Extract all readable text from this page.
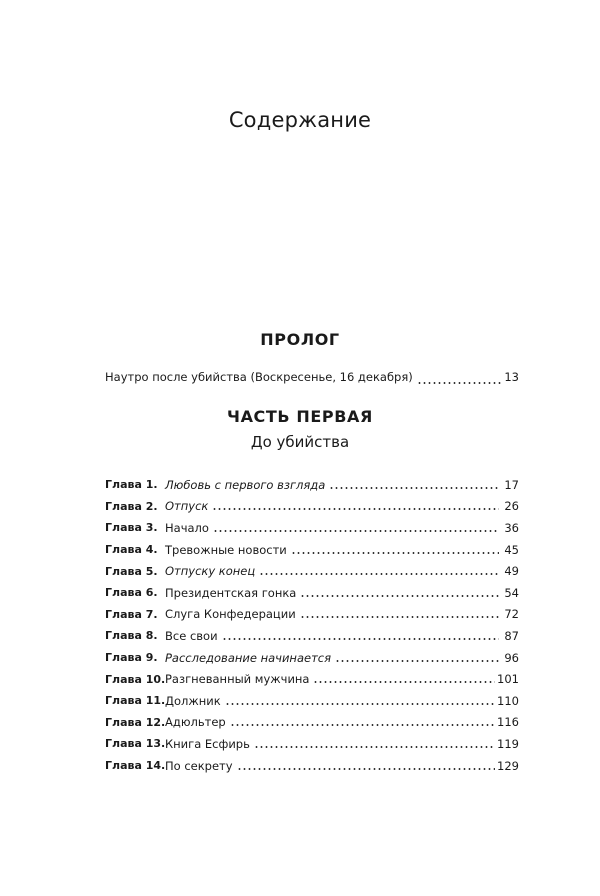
Содержание
ПРОЛОГ
Наутро после убийства (Воскресенье, 16 декабря)	13
ЧАСТЬ ПЕРВАЯ
До убийства
Глава 1. Любовь с первого взгляда	17
Глава 2. Отпуск	26
Глава 3. Начало	36
Глава 4. Тревожные новости	45
Глава 5. Отпуску конец	49
Глава 6. Президентская гонка	54
Глава 7. Слуга Конфедерации	72
Глава 8. Все свои	87
Глава 9. Расследование начинается	96
Глава 10. Разгневанный мужчина	101
Глава 11. Должник	110
Глава 12. Адюльтер	116
Глава 13. Книга Есфирь	119
Глава 14. По секрету	129
